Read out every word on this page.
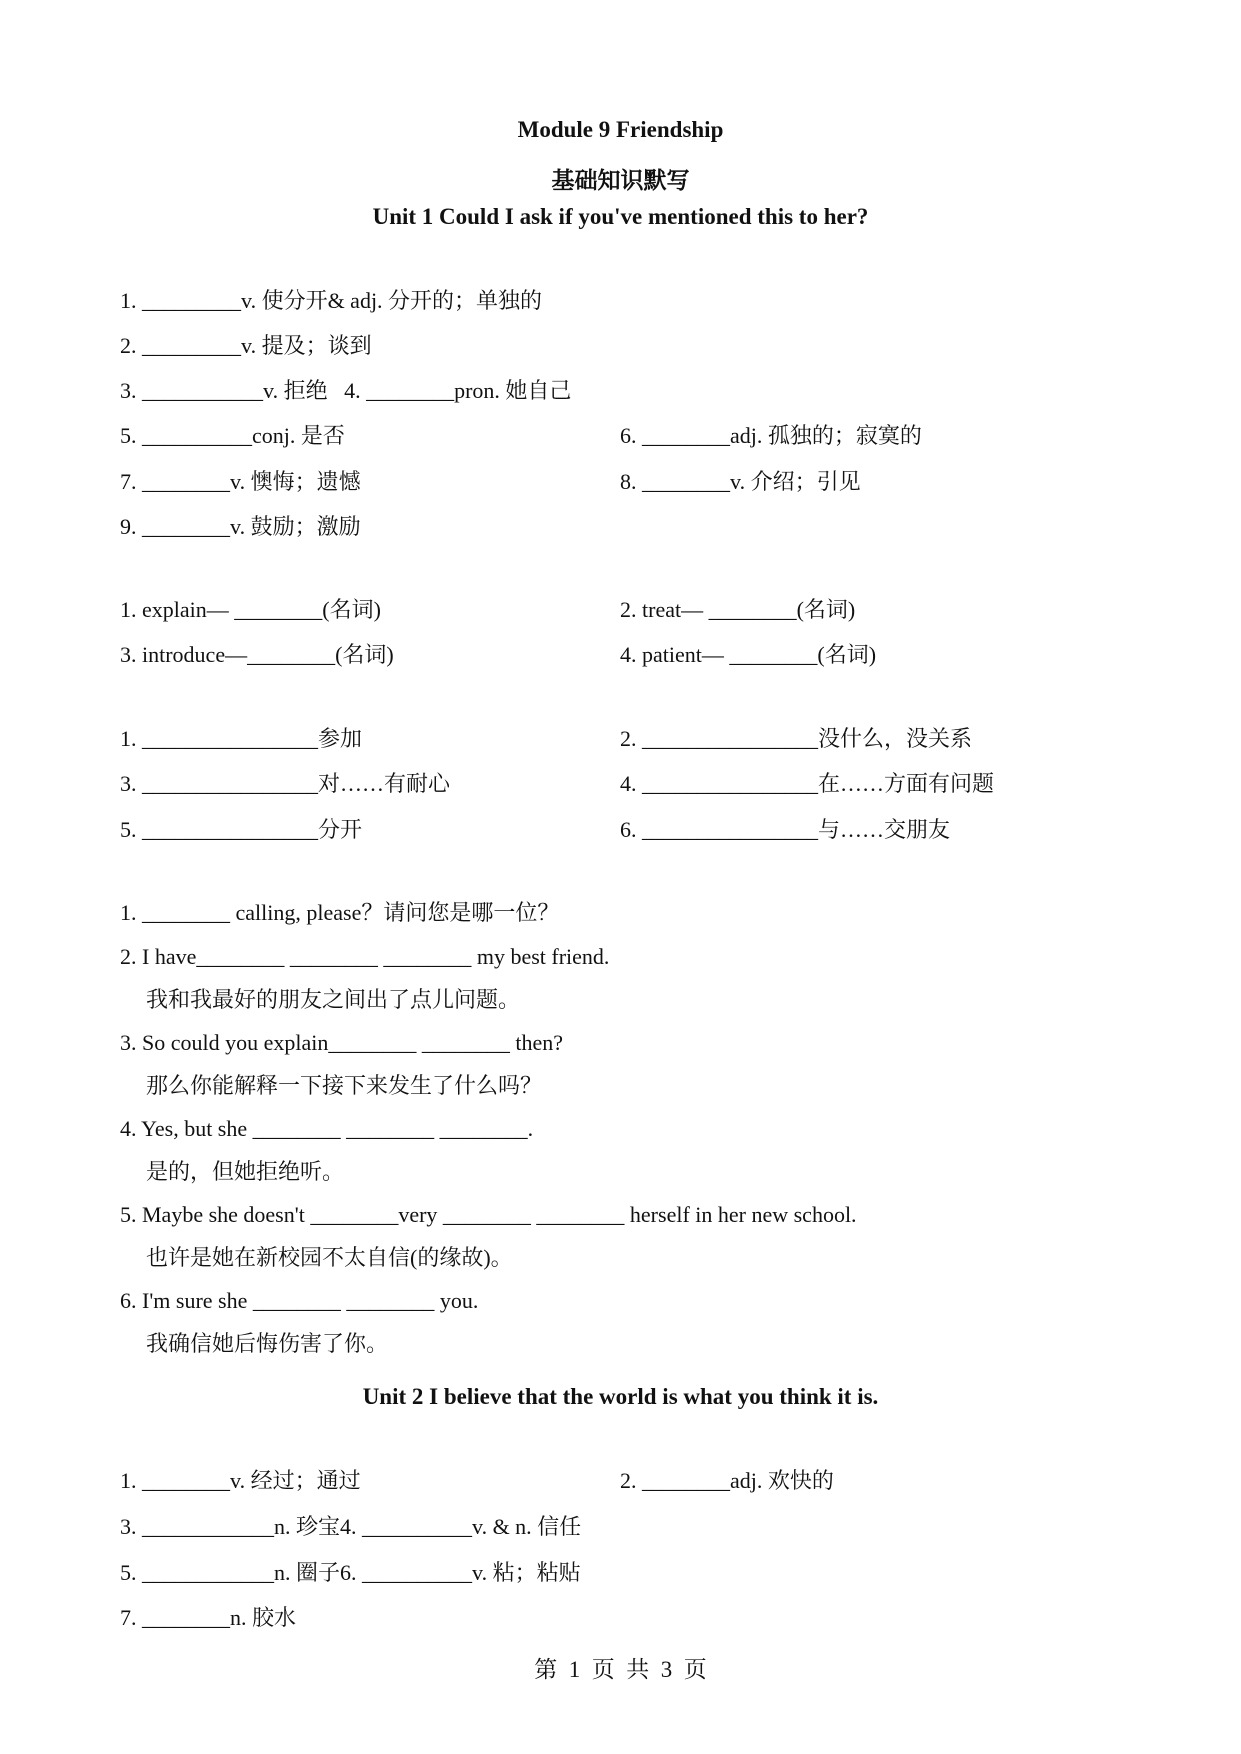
Module 9 Friendship
基础知识默写
Unit 1 Could I ask if you've mentioned this to her?
1. _________v. 使分开& adj. 分开的；单独的
2. _________v. 提及；谈到
3. ___________v. 拒绝   4. ________pron. 她自己
5. __________conj. 是否	6. ________adj. 孤独的；寂寞的
7. ________v. 懊悔；遗憾	8. ________v. 介绍；引见
9. ________v. 鼓励；激励
1. explain— ________(名词)	2. treat— ________(名词)
3. introduce—________(名词)	4. patient— ________(名词)
1. ________________参加	2. ________________没什么，没关系
3. ________________对……有耐心	4. ________________在……方面有问题
5. ________________分开	6. ________________与……交朋友
1. ________ calling, please？请问您是哪一位？
2. I have________ ________ ________ my best friend.
我和我最好的朋友之间出了点儿问题。
3. So could you explain________ ________ then?
那么你能解释一下接下来发生了什么吗？
4. Yes, but she ________ ________ ________.
是的，但她拒绝听。
5. Maybe she doesn't ________very ________ ________ herself in her new school.
也许是她在新校园不太自信(的缘故)。
6. I'm sure she ________ ________ you.
我确信她后悔伤害了你。
Unit 2 I believe that the world is what you think it is.
1. ________v. 经过；通过	2. ________adj. 欢快的
3. ____________n. 珍宝4. __________v. & n. 信任
5. ____________n. 圈子6. __________v. 粘；粘贴
7. ________n. 胶水
第  1  页  共  3  页
